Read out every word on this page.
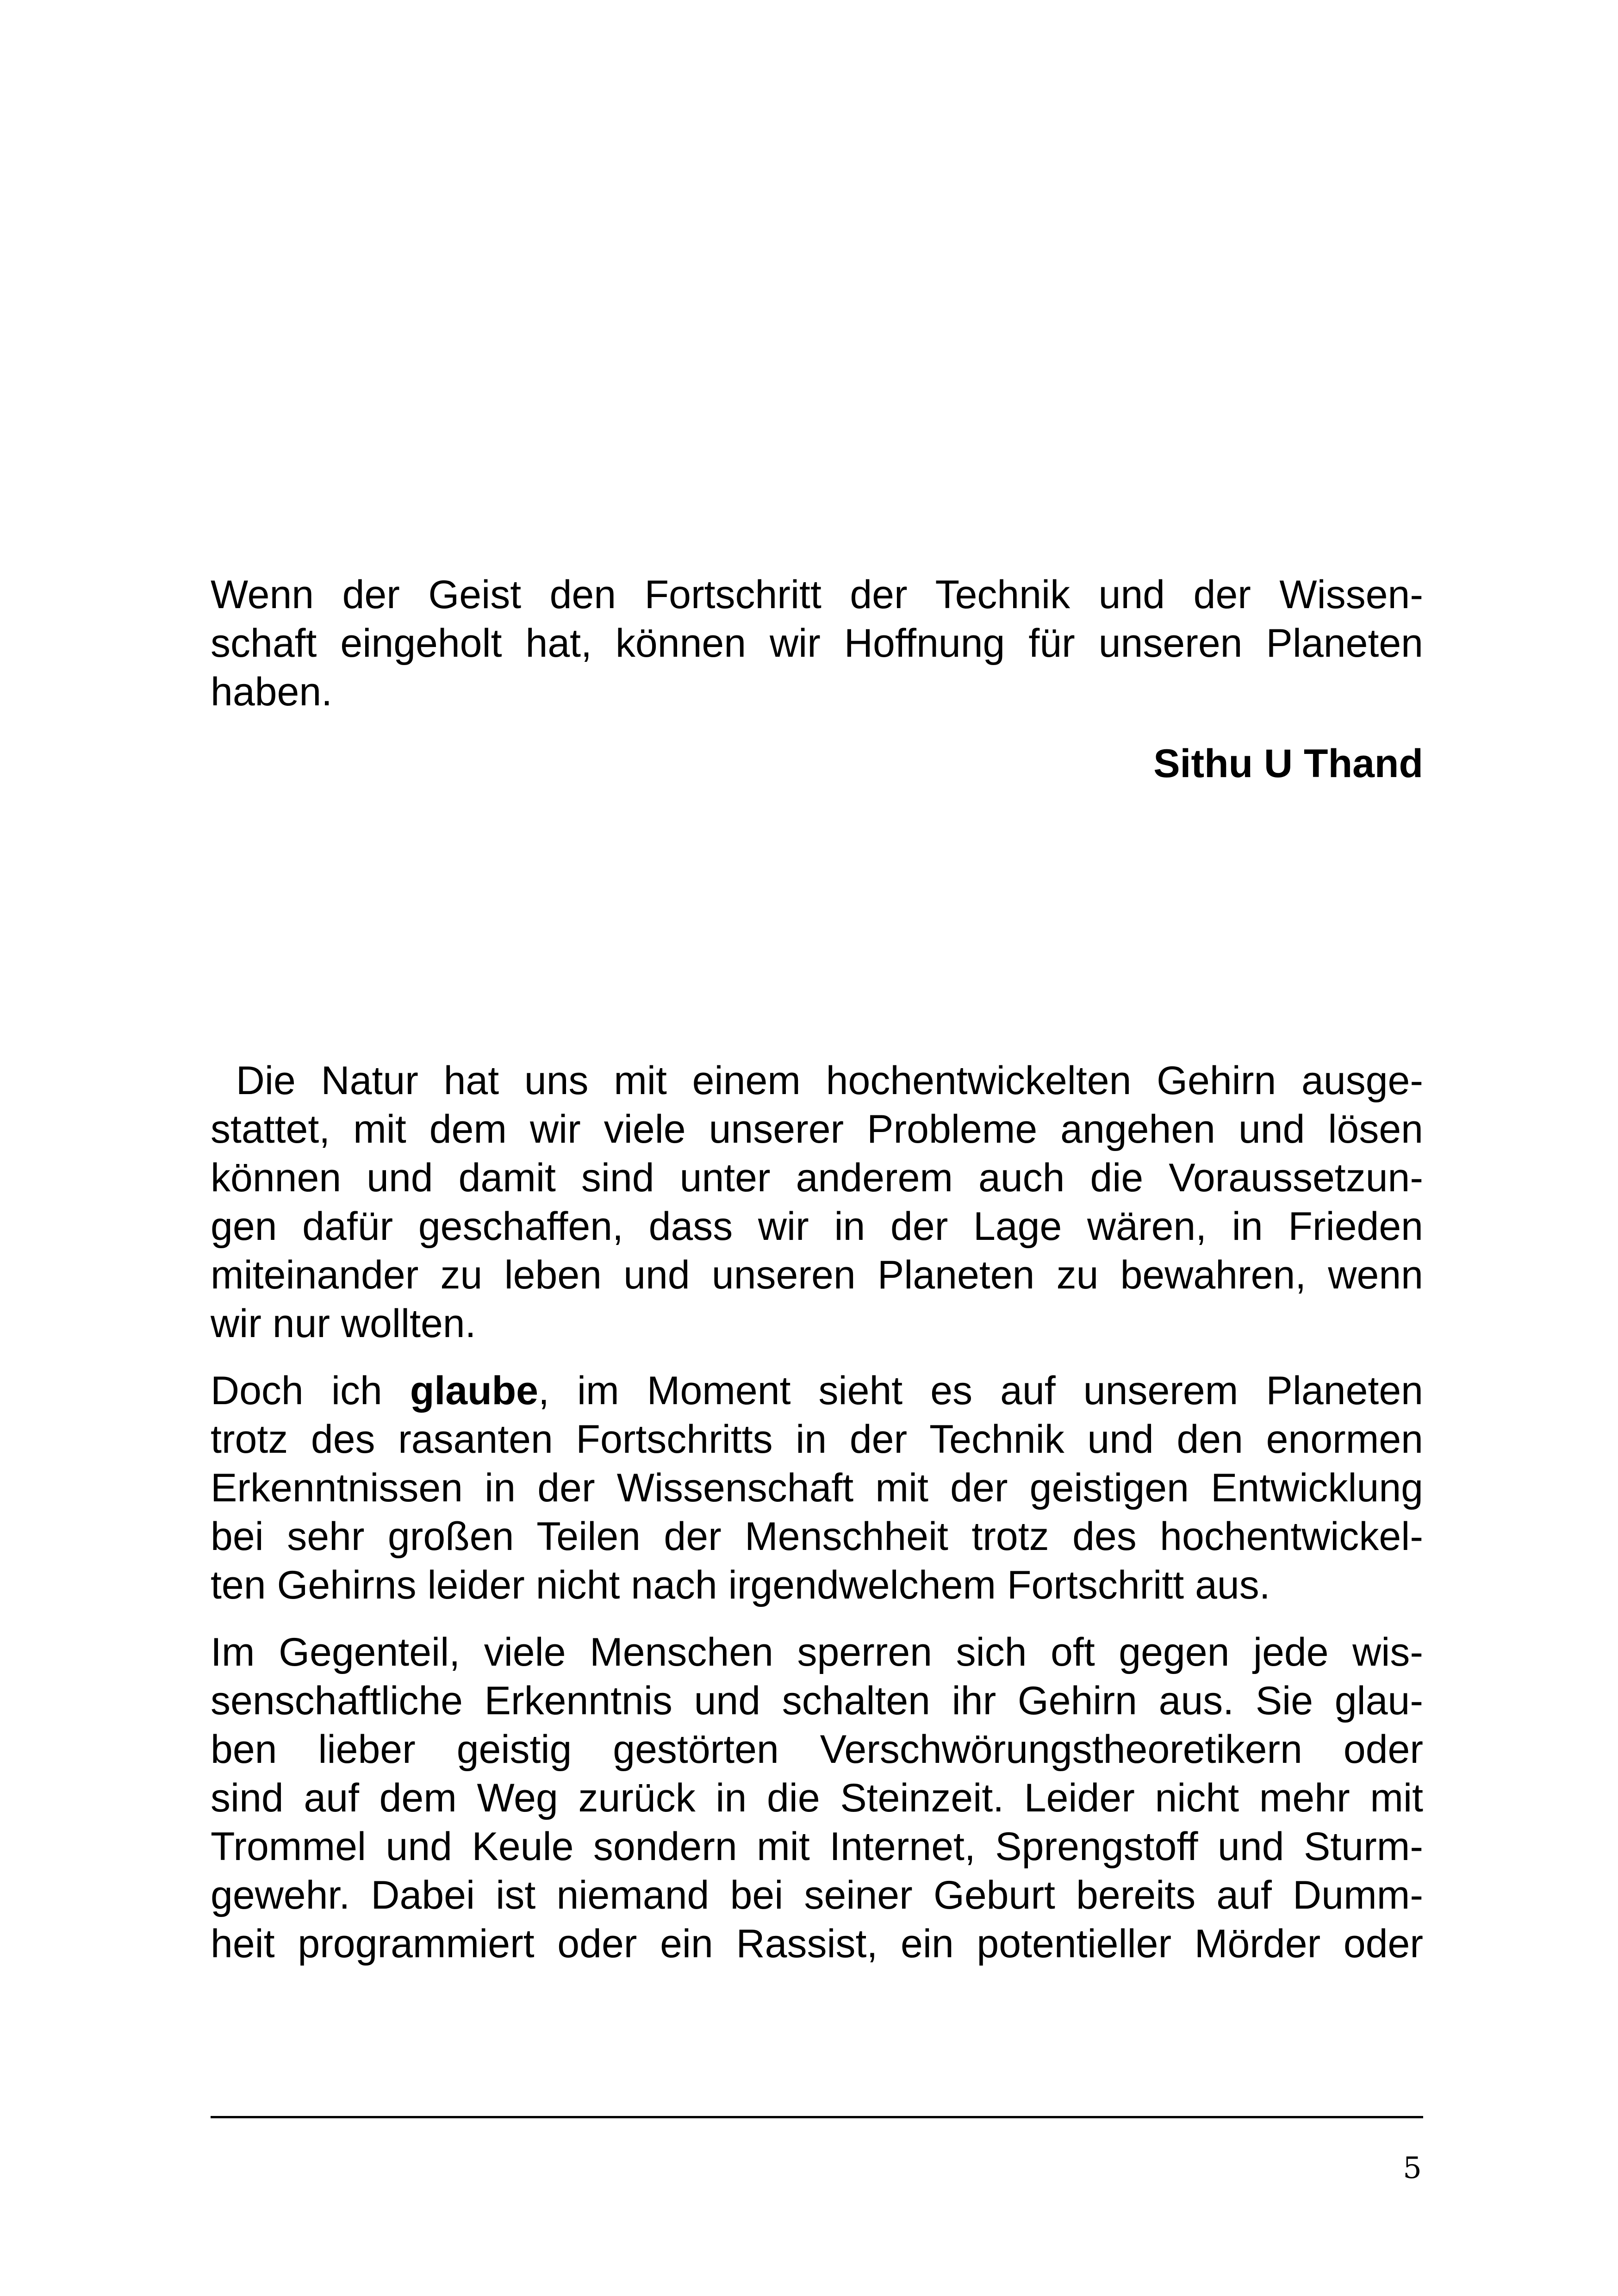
Wenn der Geist den Fortschritt der Technik und der Wissen-
schaft eingeholt hat, können wir Hoffnung für unseren Planeten
haben.
Sithu U Thand
Die Natur hat uns mit einem hochentwickelten Gehirn ausge-
stattet, mit dem wir viele unserer Probleme angehen und lösen
können und damit sind unter anderem auch die Voraussetzun-
gen dafür geschaffen, dass wir in der Lage wären, in Frieden
miteinander zu leben und unseren Planeten zu bewahren, wenn
wir nur wollten.
Doch ich glaube, im Moment sieht es auf unserem Planeten
trotz des rasanten Fortschritts in der Technik und den enormen
Erkenntnissen in der Wissenschaft mit der geistigen Entwicklung
bei sehr großen Teilen der Menschheit trotz des hochentwickel-
ten Gehirns leider nicht nach irgendwelchem Fortschritt aus.
Im Gegenteil, viele Menschen sperren sich oft gegen jede wis-
senschaftliche Erkenntnis und schalten ihr Gehirn aus. Sie glau-
ben lieber geistig gestörten Verschwörungstheoretikern oder
sind auf dem Weg zurück in die Steinzeit. Leider nicht mehr mit
Trommel und Keule sondern mit Internet, Sprengstoff und Sturm-
gewehr. Dabei ist niemand bei seiner Geburt bereits auf Dumm-
heit programmiert oder ein Rassist, ein potentieller Mörder oder
5
